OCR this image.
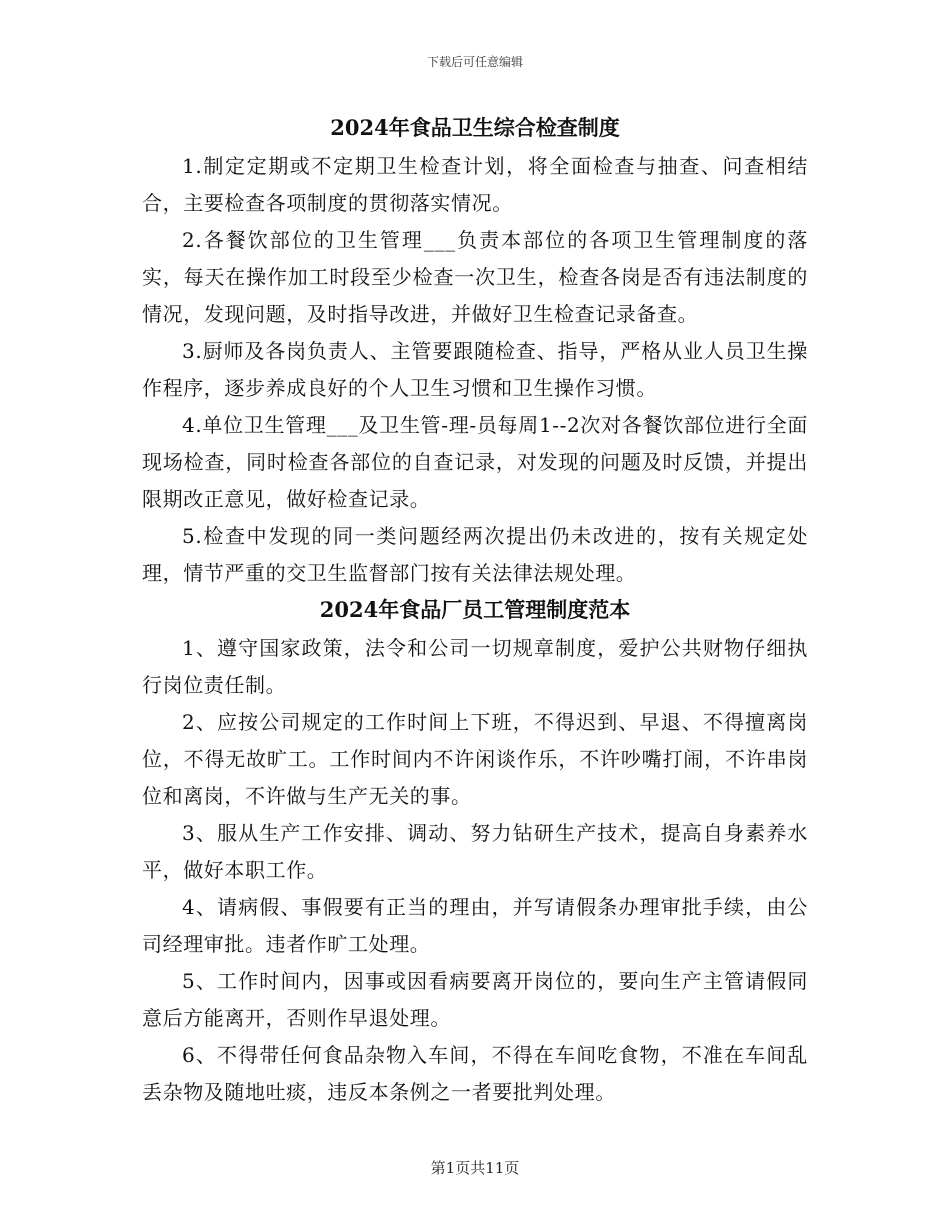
下载后可任意编辑
2024年食品卫生综合检查制度

1.制定定期或不定期卫生检查计划，将全面检查与抽查、问查相结合，主要检查各项制度的贯彻落实情况。

2.各餐饮部位的卫生管理___负责本部位的各项卫生管理制度的落实，每天在操作加工时段至少检查一次卫生，检查各岗是否有违法制度的情况，发现问题，及时指导改进，并做好卫生检查记录备查。

3.厨师及各岗负责人、主管要跟随检查、指导，严格从业人员卫生操作程序，逐步养成良好的个人卫生习惯和卫生操作习惯。

4.单位卫生管理___及卫生管-理-员每周1--2次对各餐饮部位进行全面现场检查，同时检查各部位的自查记录，对发现的问题及时反馈，并提出限期改正意见，做好检查记录。

5.检查中发现的同一类问题经两次提出仍未改进的，按有关规定处理，情节严重的交卫生监督部门按有关法律法规处理。

2024年食品厂员工管理制度范本

1、遵守国家政策，法令和公司一切规章制度，爱护公共财物仔细执行岗位责任制。

2、应按公司规定的工作时间上下班，不得迟到、早退、不得擅离岗位，不得无故旷工。工作时间内不许闲谈作乐，不许吵嘴打闹，不许串岗位和离岗，不许做与生产无关的事。

3、服从生产工作安排、调动、努力钻研生产技术，提高自身素养水平，做好本职工作。

4、请病假、事假要有正当的理由，并写请假条办理审批手续，由公司经理审批。违者作旷工处理。

5、工作时间内，因事或因看病要离开岗位的，要向生产主管请假同意后方能离开，否则作早退处理。

6、不得带任何食品杂物入车间，不得在车间吃食物，不准在车间乱丢杂物及随地吐痰，违反本条例之一者要批判处理。

第1页共11页
